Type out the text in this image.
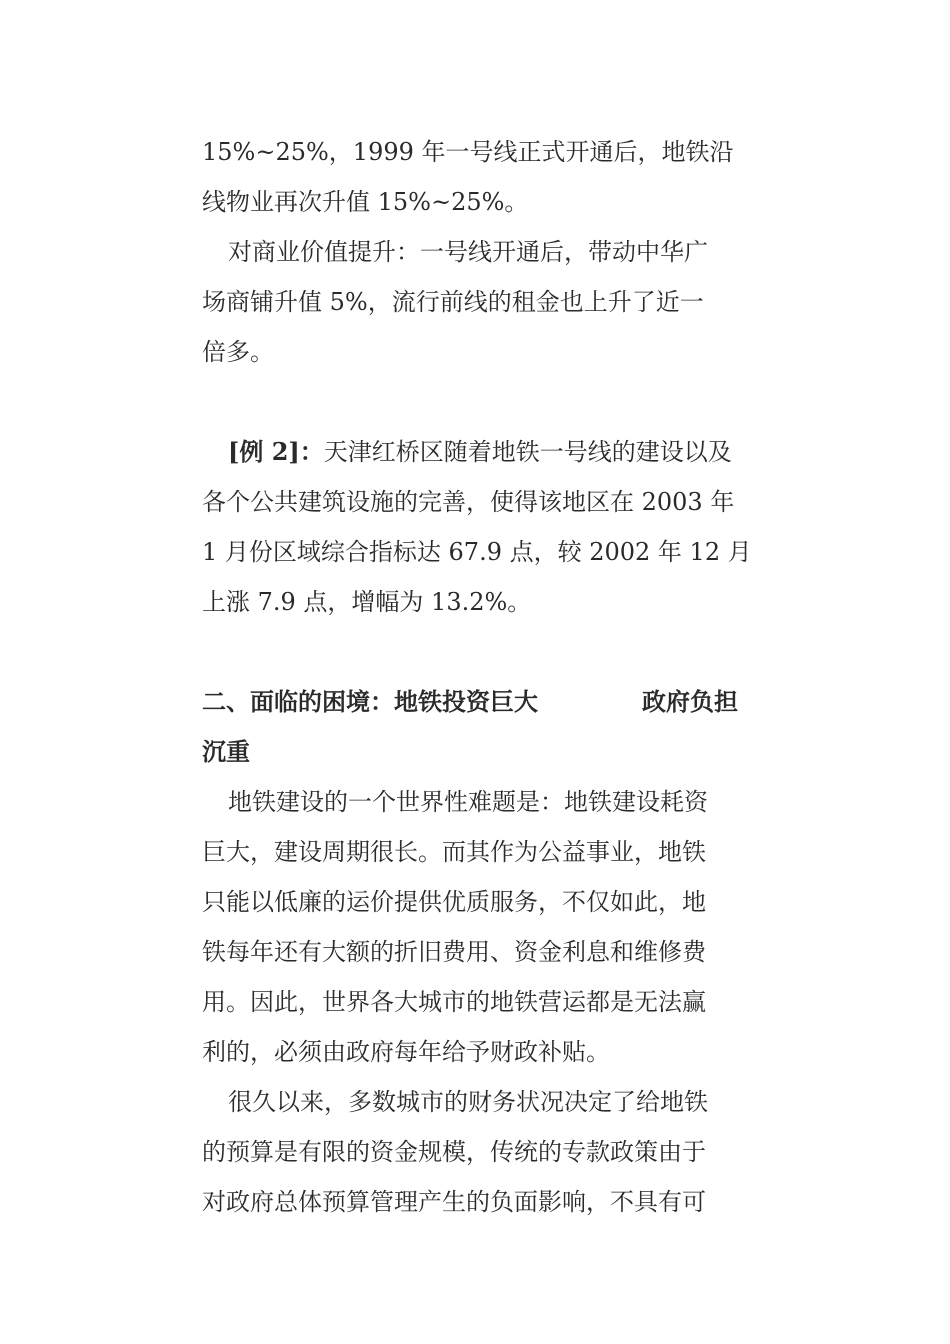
15%~25%，1999 年一号线正式开通后，地铁沿
线物业再次升值 15%~25%。
对商业价值提升：一号线开通后，带动中华广
场商铺升值 5%，流行前线的租金也上升了近一
倍多。
[例 2]：天津红桥区随着地铁一号线的建设以及
各个公共建筑设施的完善，使得该地区在 2003 年
1 月份区域综合指标达 67.9 点，较 2002 年 12 月
上涨 7.9 点，增幅为 13.2%。
二、面临的困境：地铁投资巨大	政府负担
沉重
地铁建设的一个世界性难题是：地铁建设耗资
巨大，建设周期很长。而其作为公益事业，地铁
只能以低廉的运价提供优质服务，不仅如此，地
铁每年还有大额的折旧费用、资金利息和维修费
用。因此，世界各大城市的地铁营运都是无法赢
利的，必须由政府每年给予财政补贴。
很久以来，多数城市的财务状况决定了给地铁
的预算是有限的资金规模，传统的专款政策由于
对政府总体预算管理产生的负面影响，不具有可
